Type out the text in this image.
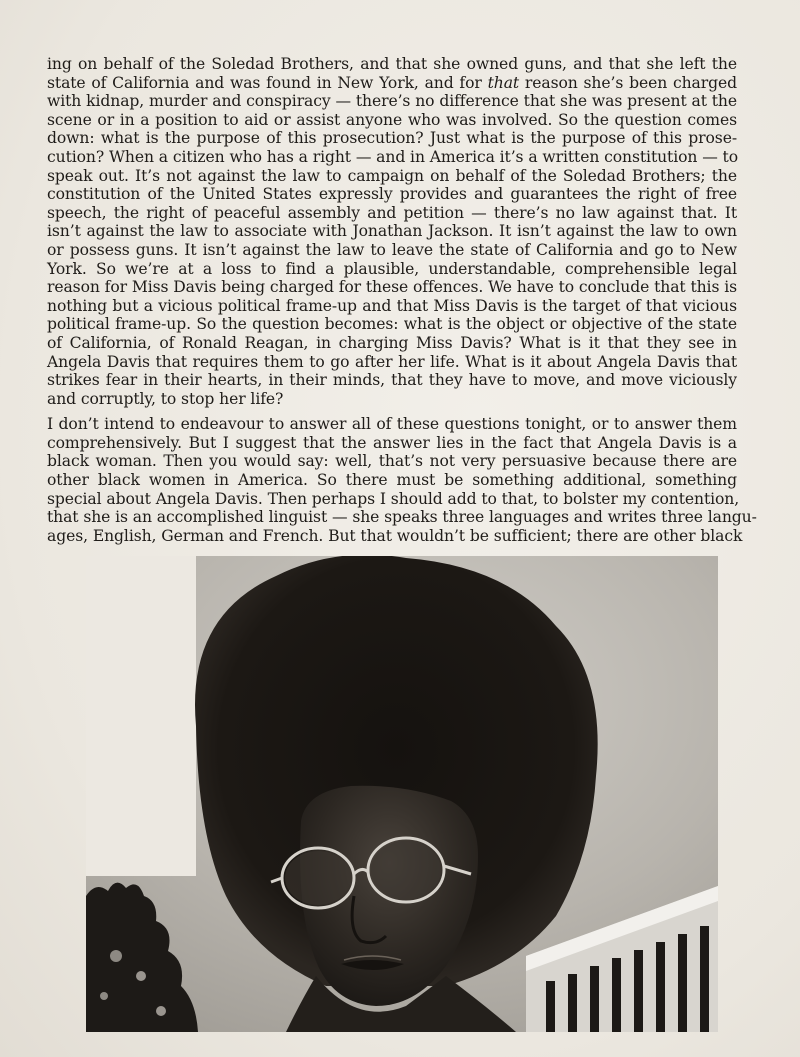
ing on behalf of the Soledad Brothers, and that she owned guns, and that she left the
state of California and was found in New York, and for that reason she’s been charged
with kidnap, murder and conspiracy — there’s no difference that she was present at the
scene or in a position to aid or assist anyone who was involved. So the question comes
down: what is the purpose of this prosecution? Just what is the purpose of this prose-
cution? When a citizen who has a right — and in America it’s a written constitution — to
speak out. It’s not against the law to campaign on behalf of the Soledad Brothers; the
constitution of the United States expressly provides and guarantees the right of free
speech, the right of peaceful assembly and petition — there’s no law against that. It
isn’t against the law to associate with Jonathan Jackson. It isn’t against the law to own
or possess guns. It isn’t against the law to leave the state of California and go to New
York. So we’re at a loss to find a plausible, understandable, comprehensible legal
reason for Miss Davis being charged for these offences. We have to conclude that this is
nothing but a vicious political frame-up and that Miss Davis is the target of that vicious
political frame-up. So the question becomes: what is the object or objective of the state
of California, of Ronald Reagan, in charging Miss Davis? What is it that they see in
Angela Davis that requires them to go after her life. What is it about Angela Davis that
strikes fear in their hearts, in their minds, that they have to move, and move viciously
and corruptly, to stop her life?
I don’t intend to endeavour to answer all of these questions tonight, or to answer them
comprehensively. But I suggest that the answer lies in the fact that Angela Davis is a
black woman. Then you would say: well, that’s not very persuasive because there are
other black women in America. So there must be something additional, something
special about Angela Davis. Then perhaps I should add to that, to bolster my contention,
that she is an accomplished linguist — she speaks three languages and writes three langu-
ages, English, German and French. But that wouldn’t be sufficient; there are other black
